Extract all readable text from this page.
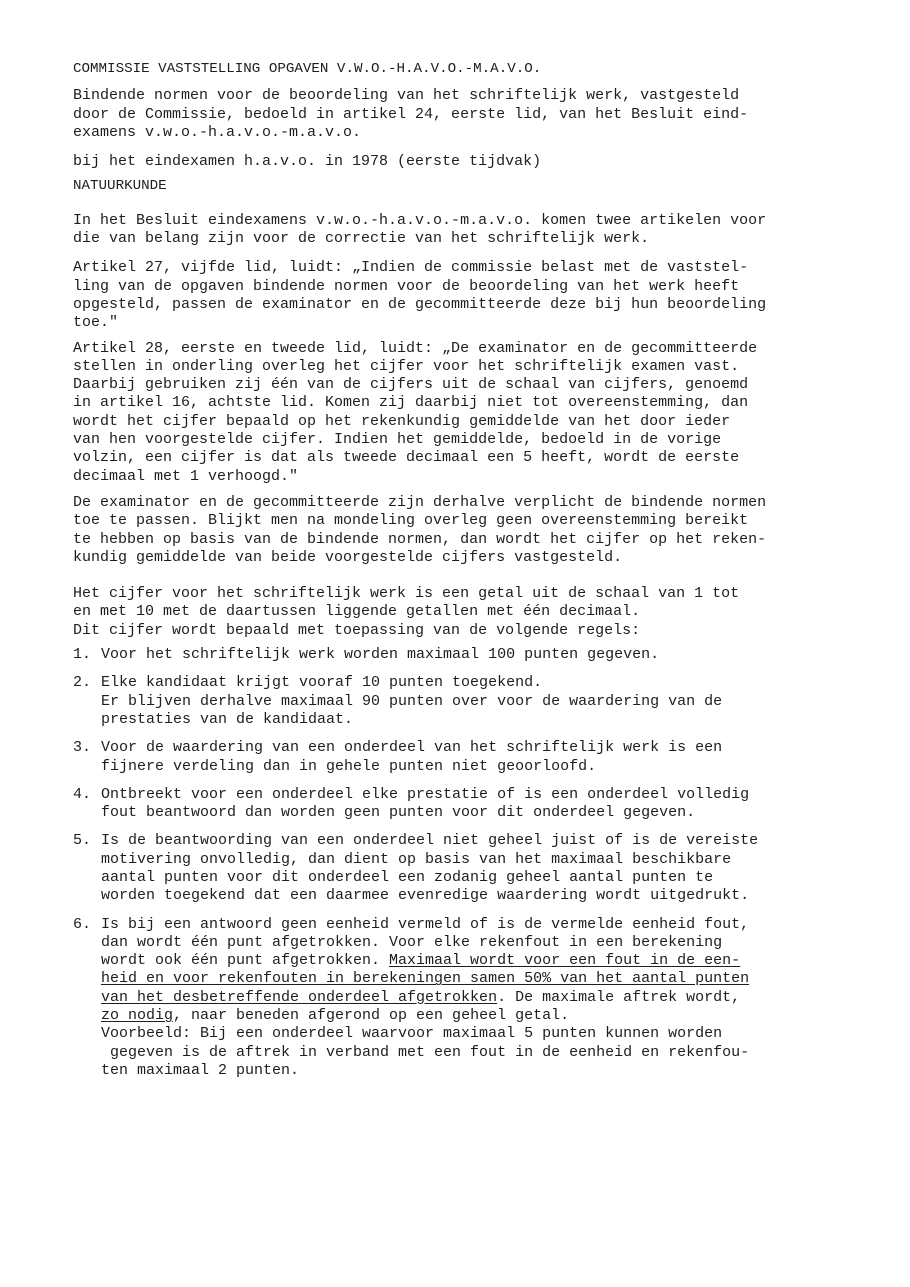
COMMISSIE VASTSTELLING OPGAVEN V.W.O.-H.A.V.O.-M.A.V.O.
Bindende normen voor de beoordeling van het schriftelijk werk, vastgesteld
door de Commissie, bedoeld in artikel 24, eerste lid, van het Besluit eind-
examens v.w.o.-h.a.v.o.-m.a.v.o.
bij het eindexamen h.a.v.o. in 1978 (eerste tijdvak)
NATUURKUNDE
In het Besluit eindexamens v.w.o.-h.a.v.o.-m.a.v.o. komen twee artikelen voor
die van belang zijn voor de correctie van het schriftelijk werk.
Artikel 27, vijfde lid, luidt: „Indien de commissie belast met de vaststel-
ling van de opgaven bindende normen voor de beoordeling van het werk heeft
opgesteld, passen de examinator en de gecommitteerde deze bij hun beoordeling
toe."
Artikel 28, eerste en tweede lid, luidt: „De examinator en de gecommitteerde
stellen in onderling overleg het cijfer voor het schriftelijk examen vast.
Daarbij gebruiken zij één van de cijfers uit de schaal van cijfers, genoemd
in artikel 16, achtste lid. Komen zij daarbij niet tot overeenstemming, dan
wordt het cijfer bepaald op het rekenkundig gemiddelde van het door ieder
van hen voorgestelde cijfer. Indien het gemiddelde, bedoeld in de vorige
volzin, een cijfer is dat als tweede decimaal een 5 heeft, wordt de eerste
decimaal met 1 verhoogd."
De examinator en de gecommitteerde zijn derhalve verplicht de bindende normen
toe te passen. Blijkt men na mondeling overleg geen overeenstemming bereikt
te hebben op basis van de bindende normen, dan wordt het cijfer op het reken-
kundig gemiddelde van beide voorgestelde cijfers vastgesteld.
Het cijfer voor het schriftelijk werk is een getal uit de schaal van 1 tot
en met 10 met de daartussen liggende getallen met één decimaal.
Dit cijfer wordt bepaald met toepassing van de volgende regels:
1. Voor het schriftelijk werk worden maximaal 100 punten gegeven.
2. Elke kandidaat krijgt vooraf 10 punten toegekend.
Er blijven derhalve maximaal 90 punten over voor de waardering van de
prestaties van de kandidaat.
3. Voor de waardering van een onderdeel van het schriftelijk werk is een
fijnere verdeling dan in gehele punten niet geoorloofd.
4. Ontbreekt voor een onderdeel elke prestatie of is een onderdeel volledig
fout beantwoord dan worden geen punten voor dit onderdeel gegeven.
5. Is de beantwoording van een onderdeel niet geheel juist of is de vereiste
motivering onvolledig, dan dient op basis van het maximaal beschikbare
aantal punten voor dit onderdeel een zodanig geheel aantal punten te
worden toegekend dat een daarmee evenredige waardering wordt uitgedrukt.
6. Is bij een antwoord geen eenheid vermeld of is de vermelde eenheid fout,
dan wordt één punt afgetrokken. Voor elke rekenfout in een berekening
wordt ook één punt afgetrokken. Maximaal wordt voor een fout in de een-
heid en voor rekenfouten in berekeningen samen 50% van het aantal punten
van het desbetreffende onderdeel afgetrokken. De maximale aftrek wordt,
zo nodig, naar beneden afgerond op een geheel getal.
Voorbeeld: Bij een onderdeel waarvoor maximaal 5 punten kunnen worden
gegeven is de aftrek in verband met een fout in de eenheid en rekenfou-
ten maximaal 2 punten.
